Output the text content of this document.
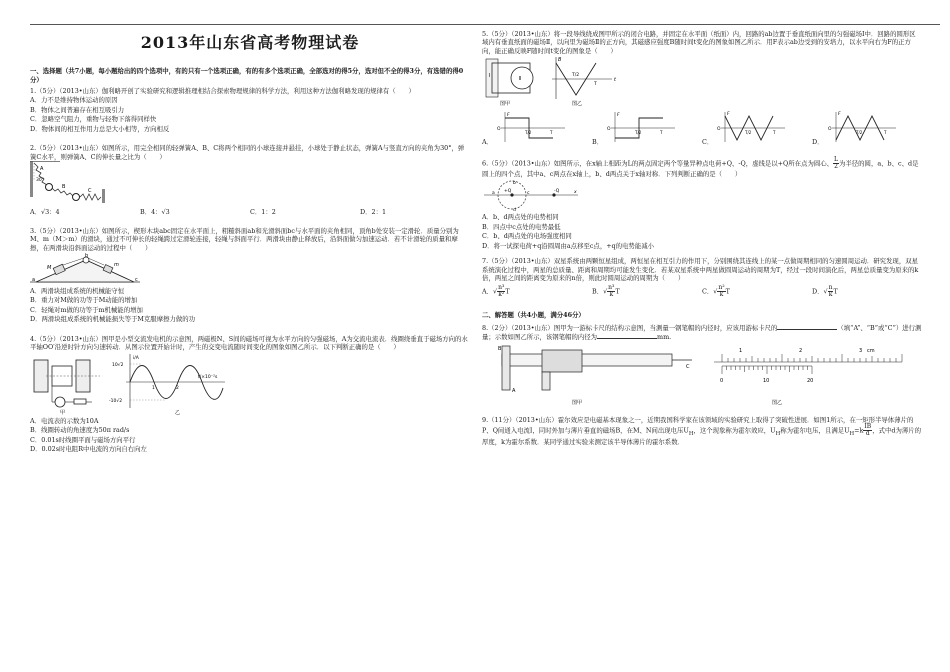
2013年山东省高考物理试卷
一、选择题（共7小题，每小题给出的四个选项中，有的只有一个选项正确，有的有多个选项正确，全部选对的得5分，选对但不全的得3分，有选错的得0分）

1.（5分）（2013•山东）伽利略开创了实验研究和逻辑推理相结合探索物理规律的科学方法，利用这种方法伽利略发现的规律有（　　）

A．力不是维持物体运动的原因

B．物体之间普遍存在相互吸引力

C．忽略空气阻力，重物与轻物下落得同样快

D．物体间的相互作用力总是大小相等，方向相反

2.（5分）（2013•山东）如图所示，用完全相同的轻弹簧A、B、C将两个相同的小球连接并悬挂，小球处于静止状态，弹簧A与竖直方向的夹角为30°，弹簧C水平，则弹簧A、C的伸长量之比为（　　）

A
B
C
30°
A．√3：4	B．4：√3	C．1：2	D．2：1

3.（5分）（2013•山东）如图所示，楔形木块abc固定在水平面上，粗糙斜面ab和光滑斜面bc与水平面的夹角相同，顶角b处安装一定滑轮．质量分别为M、m（M＞m）的滑块，通过不可伸长的轻绳跨过定滑轮连接，轻绳与斜面平行．两滑块由静止释放后，沿斜面做匀加速运动．若不计滑轮的质量和摩擦，在两滑块沿斜面运动的过程中（　　）

a
b
c
M	m

A．两滑块组成系统的机械能守恒

B．重力对M做的功等于M动能的增加

C．轻绳对m做的功等于m机械能的增加

D．两滑块组成系统的机械能损失等于M克服摩擦力做的功

4.（5分）（2013•山东）图甲是小型交流发电机的示意图，两磁极N、S间的磁场可视为水平方向的匀强磁场，A为交流电流表．线圈绕垂直于磁场方向的水平轴OO′沿逆时针方向匀速转动．从图示位置开始计时，产生的交变电流随时间变化的图象如图乙所示．以下判断正确的是（　　）

甲
i/A
10√2
-10√2
1	2
t/×10⁻²s
乙

A．电流表的示数为10A

B．线圈转动的角速度为50π rad/s

C．0.01s时线圈平面与磁场方向平行

D．0.02s时电阻R中电流的方向自右向左

5.（5分）（2013•山东）将一段导线绕成图甲所示的闭合电路，并固定在水平面（纸面）内，回路的ab边置于垂直纸面向里的匀强磁场Ⅰ中．回路的圆形区域内有垂直纸面的磁场Ⅱ，以向里为磁场Ⅱ的正方向，其磁感应强度B随时间t变化的图象如图乙所示．用F表示ab边受到的安培力，以水平向右为F的正方向，能正确反映F随时间t变化的图象是（　　）

Ⅰ	Ⅱ
图甲
B
t
T/2
T
图乙
A．
O
F
T/2	T
B．
O
F
T/2	T
C．
O
F
T/2	T
D．
O
F
T/2	T

6.（5分）（2013•山东）如图所示，在x轴上相距为L的两点固定两个等量异种点电荷+Q、-Q，虚线是以+Q所在点为圆心、 $\frac{L}{2}$ 为半径的圆，a、b、c、d是圆上的四个点，其中a、c两点在x轴上，b、d两点关于x轴对称．下列判断正确的是（　　）

+Q	-Q
a
b
c
d
x

A．b、d两点处的电势相同

B．四点中c点处的电势最低

C．b、d两点处的电场强度相同

D．将一试探电荷+q沿圆周由a点移至c点，+q的电势能减小

7.（5分）（2013•山东）双星系统由两颗恒星组成，两恒星在相互引力的作用下，分别围绕其连线上的某一点做周期相同的匀速圆周运动．研究发现，双星系统演化过程中，两星的总质量、距离和周期均可能发生变化．若某双星系统中两星做圆周运动的周期为T，经过一段时间演化后，两星总质量变为原来的k倍，两星之间的距离变为原来的n倍，则此时圆周运动的周期为（　　）

A．√ $\frac{\text{n³}}{\text{k²}}$ T	B．√ $\frac{\text{n³}}{k}$ T	C．√ $\frac{\text{n²}}{k}$ T	D．√ $\frac{n}{k}$ T
二、解答题（共4小题，满分46分）

8.（2分）（2013•山东）图甲为一游标卡尺的结构示意图，当测量一钢笔帽的内径时，应该用游标卡尺的	（填“A”、“B”或“C”）进行测量；示数如图乙所示，该钢笔帽的内径为	mm.

A
B
C
图甲
1	2	3 cm
0	10	20
图乙

9.（11分）（2013•山东）霍尔效应是电磁基本现象之一，近期我国科学家在该领域的实验研究上取得了突破性进展．如图1所示，在一矩形半导体薄片的P、Q间通入电流I，同时外加与薄片垂直的磁场B，在M、N间出现电压$U_H$，这个现象称为霍尔效应，$U_H$称为霍尔电压，且满足$U_H=k \frac{IB}{d}$ ，式中d为薄片的厚度，k为霍尔系数．某同学通过实验来测定该半导体薄片的霍尔系数．
